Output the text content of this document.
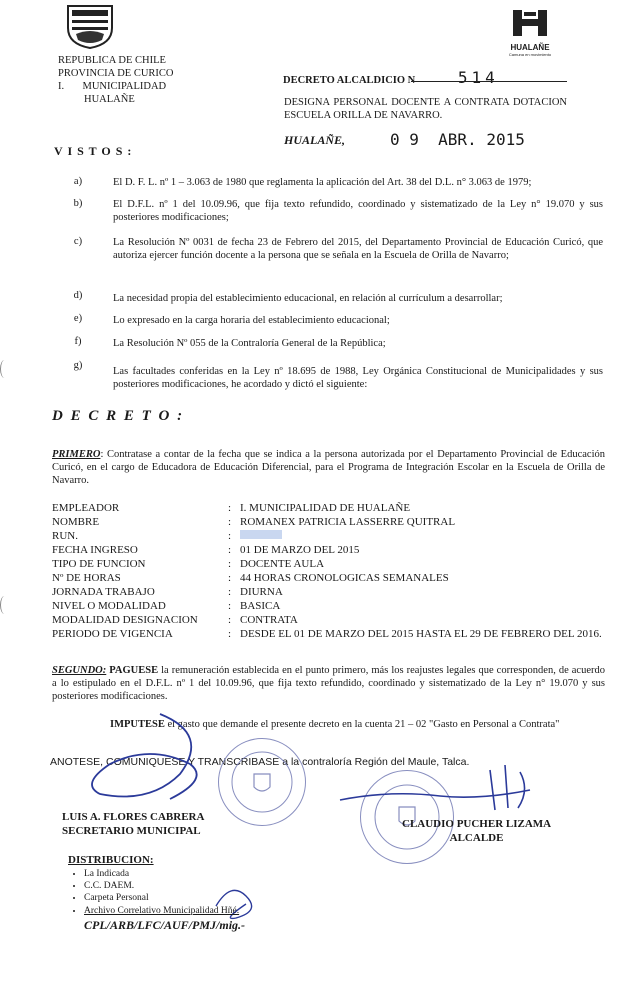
REPUBLICA DE CHILE
PROVINCIA DE CURICO
I.       MUNICIPALIDAD
HUALAÑE
HUALAÑE
Camuna en movimiento
DECRETO ALCALDICIO N	514
DESIGNA PERSONAL DOCENTE A CONTRATA DOTACION ESCUELA ORILLA DE NAVARRO.
HUALAÑE,	0 9  ABR. 2015
V I S T O S :
a)	El D. F. L. nº 1 – 3.063 de 1980 que reglamenta la aplicación del Art. 38 del D.L. n° 3.063 de 1979;
b)	El D.F.L. nº 1 del 10.09.96, que fija texto refundido, coordinado y sistematizado de la Ley n° 19.070 y sus posteriores modificaciones;
c)	La Resolución Nº 0031 de fecha 23 de Febrero del 2015, del Departamento Provincial de Educación Curicó, que autoriza ejercer función docente a la persona que se señala en la Escuela de Orilla de Navarro;
d)	La necesidad propia del establecimiento educacional, en relación al currículum a desarrollar;
e)	Lo expresado en la carga horaria del establecimiento educacional;
f)	La Resolución Nº 055 de la Contraloría General de la República;
g)
Las facultades conferidas en la Ley nº 18.695 de 1988, Ley Orgánica Constitucional de Municipalidades y sus posteriores modificaciones, he acordado y dictó el siguiente:
D E C R E T O :
PRIMERO: Contratase a contar de la fecha que se indica a la persona autorizada por el Departamento Provincial de Educación Curicó, en el cargo de Educadora de Educación Diferencial, para el Programa de Integración Escolar en la Escuela de Orilla de Navarro.
EMPLEADOR	: I. MUNICIPALIDAD DE HUALAÑE
NOMBRE	: ROMANEX PATRICIA LASSERRE QUITRAL
RUN.	:
FECHA INGRESO	: 01 DE MARZO DEL 2015
TIPO DE FUNCION	: DOCENTE AULA
Nº DE HORAS	: 44 HORAS CRONOLOGICAS SEMANALES
JORNADA TRABAJO	: DIURNA
NIVEL O MODALIDAD	: BASICA
MODALIDAD DESIGNACION	: CONTRATA
PERIODO DE VIGENCIA	: DESDE EL 01 DE MARZO DEL 2015 HASTA EL 29 DE FEBRERO DEL 2016.
SEGUNDO: PAGUESE la remuneración establecida en el punto primero, más los reajustes legales que corresponden, de acuerdo a lo estipulado en el D.F.L. nº 1 del 10.09.96, que fija texto refundido, coordinado y sistematizado de la Ley n° 19.070 y sus posteriores modificaciones.
IMPUTESE el gasto que demande el presente decreto en la cuenta 21 – 02 "Gasto en Personal a Contrata"
ANOTESE, COMUNIQUESE Y TRANSCRIBASE a la contraloría Región del Maule, Talca.
LUIS A. FLORES CABRERA
SECRETARIO MUNICIPAL
CLAUDIO PUCHER LIZAMA
ALCALDE
DISTRIBUCION:
• La Indicada
• C.C. DAEM.
• Carpeta Personal
• Archivo Correlativo Municipalidad Hñé.
CPL/ARB/LFC/AUF/PMJ/mig.-
